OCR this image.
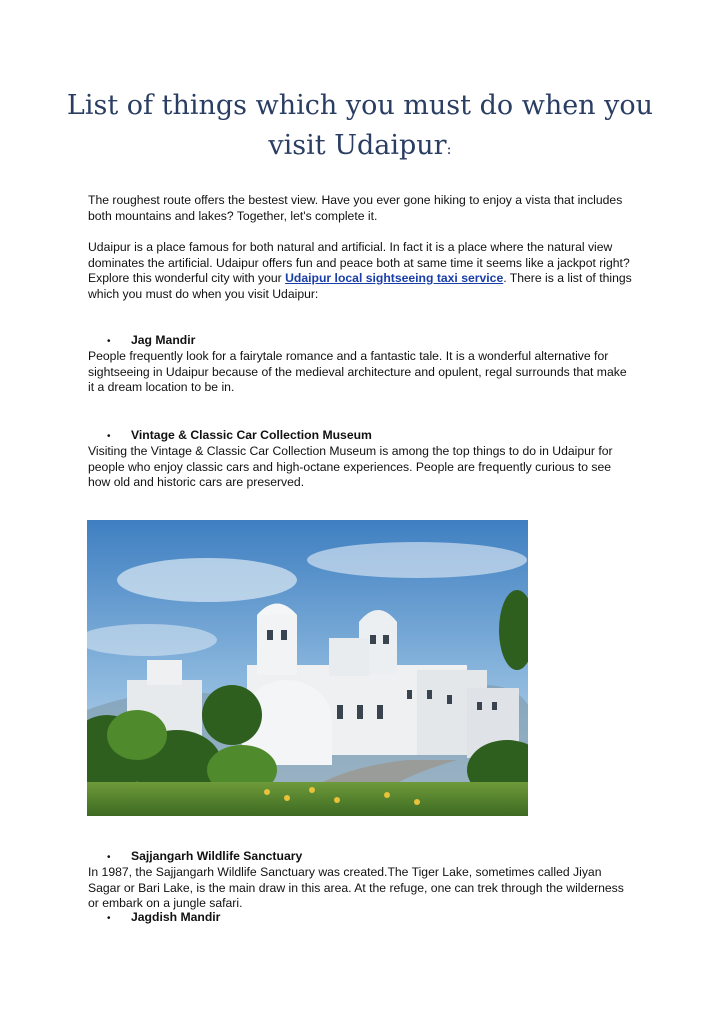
List of things which you must do when you visit Udaipur:
The roughest route offers the bestest view. Have you ever gone hiking to enjoy a vista that includes both mountains and lakes? Together, let's complete it.
Udaipur is a place famous for both natural and artificial. In fact it is a place where the natural view dominates the artificial. Udaipur offers fun and peace both at same time it seems like a jackpot right? Explore this wonderful city with your Udaipur local sightseeing taxi service. There is a list of things which you must do when you visit Udaipur:
• Jag Mandir
People frequently look for a fairytale romance and a fantastic tale. It is a wonderful alternative for sightseeing in Udaipur because of the medieval architecture and opulent, regal surrounds that make it a dream location to be in.
• Vintage & Classic Car Collection Museum
Visiting the Vintage & Classic Car Collection Museum is among the top things to do in Udaipur for people who enjoy classic cars and high-octane experiences. People are frequently curious to see how old and historic cars are preserved.
• Sajjangarh Wildlife Sanctuary
In 1987, the Sajjangarh Wildlife Sanctuary was created.The Tiger Lake, sometimes called Jiyan Sagar or Bari Lake, is the main draw in this area. At the refuge, one can trek through the wilderness or embark on a jungle safari.
• Jagdish Mandir
